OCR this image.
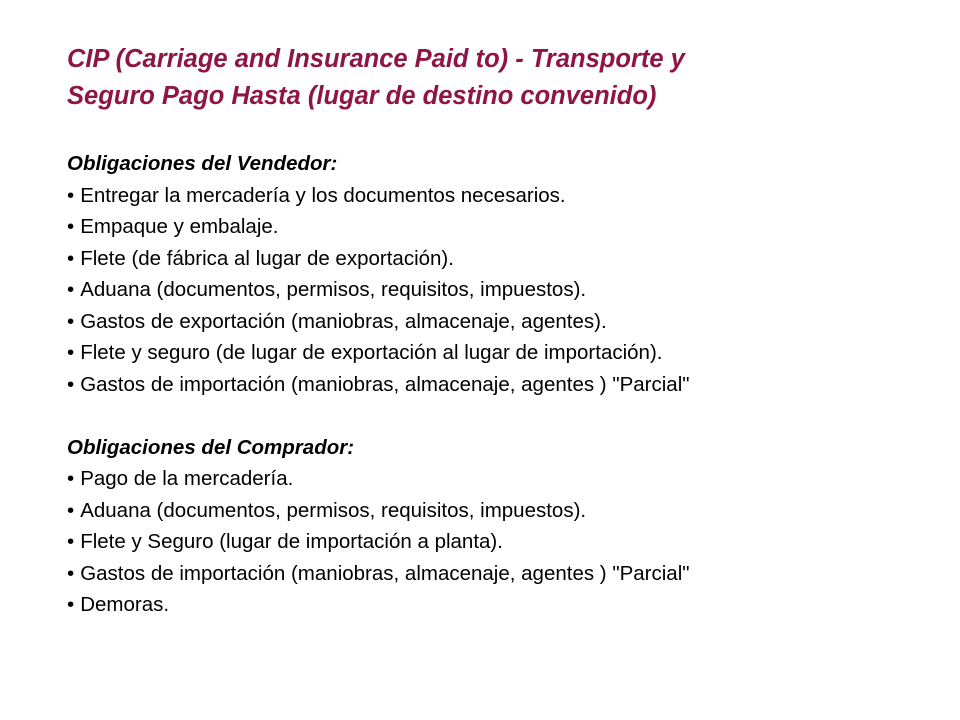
CIP (Carriage and Insurance Paid to) - Transporte y
Seguro Pago Hasta (lugar de destino convenido)
Obligaciones del Vendedor:
• Entregar la mercadería y los documentos necesarios.
• Empaque y embalaje.
• Flete (de fábrica al lugar de exportación).
• Aduana (documentos, permisos, requisitos, impuestos).
• Gastos de exportación (maniobras, almacenaje, agentes).
• Flete y seguro (de lugar de exportación al lugar de importación).
• Gastos de importación (maniobras, almacenaje, agentes ) "Parcial"
Obligaciones del Comprador:
• Pago de la mercadería.
• Aduana (documentos, permisos, requisitos, impuestos).
• Flete y Seguro (lugar de importación a planta).
• Gastos de importación (maniobras, almacenaje, agentes ) "Parcial"
• Demoras.
